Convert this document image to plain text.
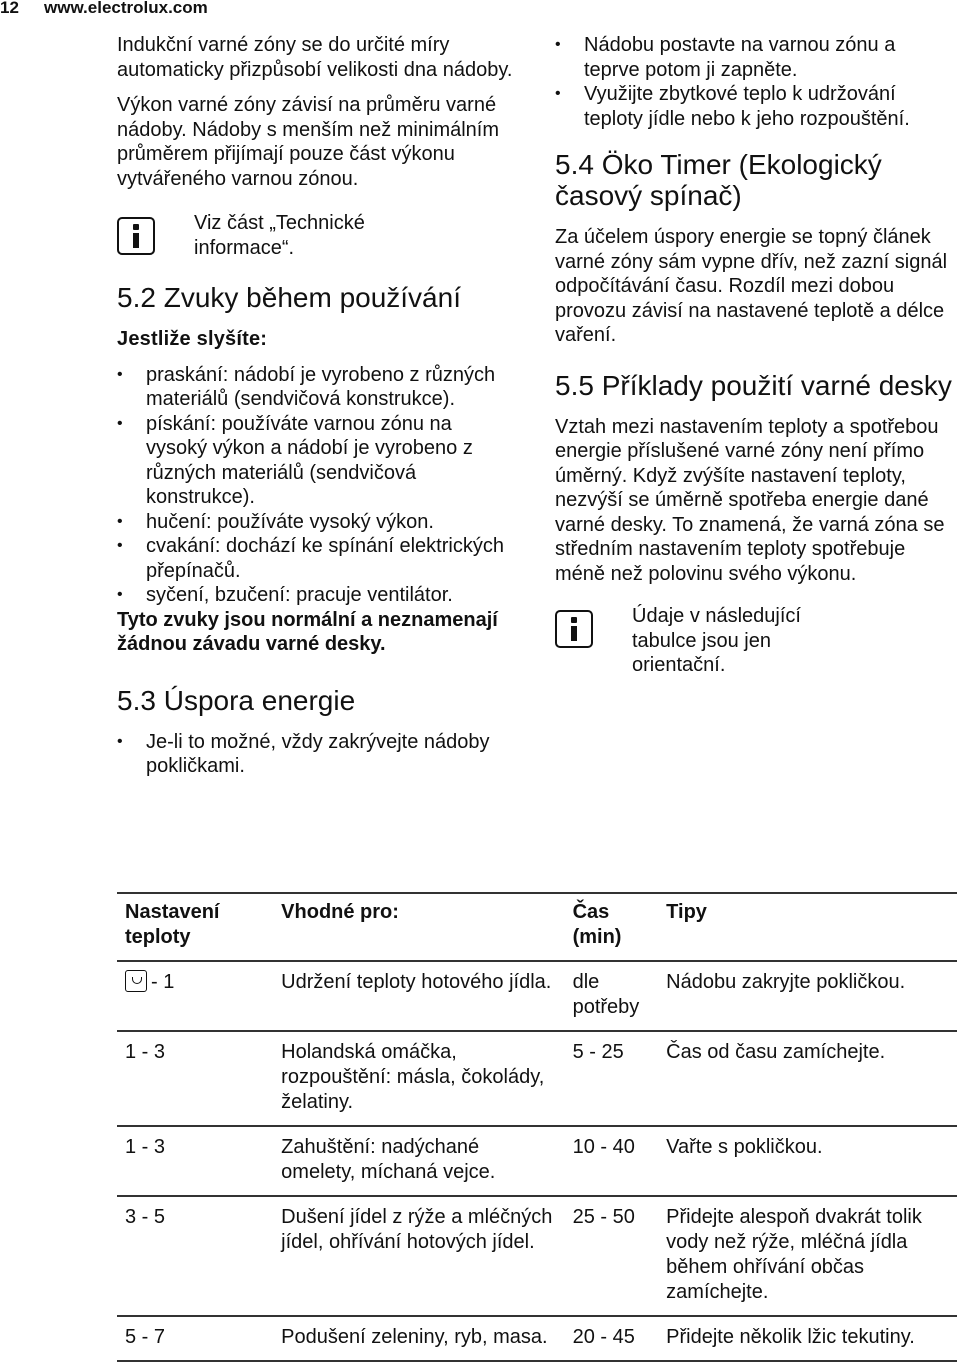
12 www.electrolux.com

Indukční varné zóny se do určité míry automaticky přizpůsobí velikosti dna nádoby.

Výkon varné zóny závisí na průměru varné nádoby. Nádoby s menším než minimálním průměrem přijímají pouze část výkonu vytvářeného varnou zónou.

Viz část „Technické informace“.
5.2 Zvuky během používání

Jestliže slyšíte:

• praskání: nádobí je vyrobeno z různých materiálů (sendvičová konstrukce).
• pískání: používáte varnou zónu na vysoký výkon a nádobí je vyrobeno z různých materiálů (sendvičová konstrukce).
• hučení: používáte vysoký výkon.
• cvakání: dochází ke spínání elektrických přepínačů.
• syčení, bzučení: pracuje ventilátor.

Tyto zvuky jsou normální a neznamenají žádnou závadu varné desky.

5.3 Úspora energie
• Je-li to možné, vždy zakrývejte nádoby pokličkami.
• Nádobu postavte na varnou zónu a teprve potom ji zapněte.
• Využijte zbytkové teplo k udržování teploty jídle nebo k jeho rozpouštění.
5.4 Öko Timer (Ekologický časový spínač)

Za účelem úspory energie se topný článek varné zóny sám vypne dřív, než zazní signál odpočítávání času. Rozdíl mezi dobou provozu závisí na nastavené teplotě a délce vaření.

5.5 Příklady použití varné desky

Vztah mezi nastavením teploty a spotřebou energie příslušené varné zóny není přímo úměrný. Když zvýšíte nastavení teploty, nezvýší se úměrně spotřeba energie dané varné desky. To znamená, že varná zóna se středním nastavením teploty spotřebuje méně než polovinu svého výkonu.

Údaje v následující tabulce jsou jen orientační.
Nastavení teploty	Vhodné pro:	Čas (min)	Tipy
- 1	Udržení teploty hotového jídla.	dle potřeby	Nádobu zakryjte pokličkou.
1 - 3	Holandská omáčka, rozpouštění: másla, čokolády, želatiny.	5 - 25	Čas od času zamíchejte.
1 - 3	Zahuštění: nadýchané omelety, míchaná vejce.	10 - 40	Vařte s pokličkou.
3 - 5	Dušení jídel z rýže a mléčných jídel, ohřívání hotových jídel.	25 - 50	Přidejte alespoň dvakrát tolik vody než rýže, mléčná jídla během ohřívání občas zamíchejte.
5 - 7	Podušení zeleniny, ryb, masa.	20 - 45	Přidejte několik lžic tekutiny.
